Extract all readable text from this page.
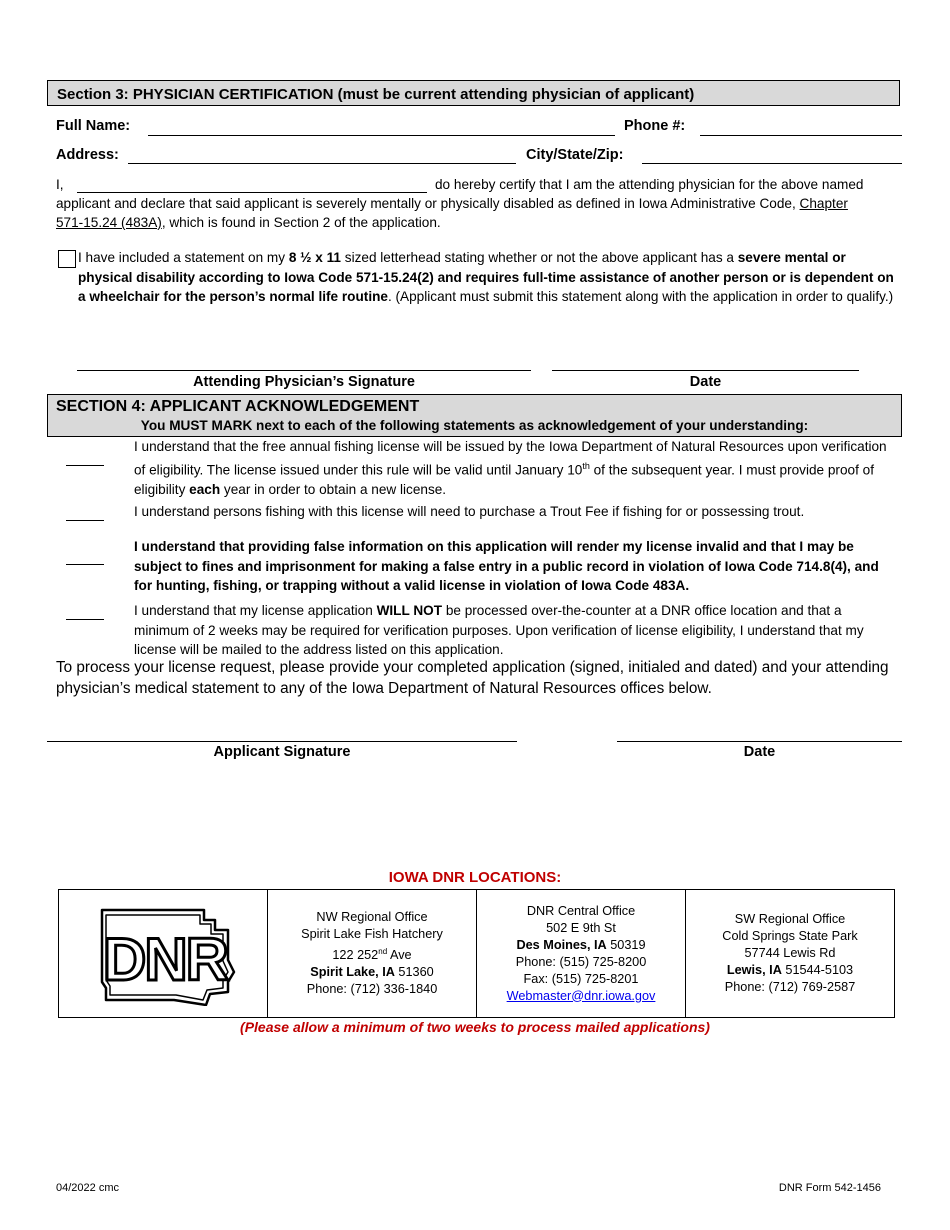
Section 3: PHYSICIAN CERTIFICATION (must be current attending physician of applicant)
Full Name:	Phone #:
Address:	City/State/Zip:
I,	do hereby certify that I am the attending physician for the above named
applicant and declare that said applicant is severely mentally or physically disabled as defined in Iowa Administrative Code, Chapter
571-15.24 (483A), which is found in Section 2 of the application.
I have included a statement on my 8 ½ x 11 sized letterhead stating whether or not the above applicant has a severe mental or physical disability according to Iowa Code 571-15.24(2) and requires full-time assistance of another person or is dependent on a wheelchair for the person’s normal life routine. (Applicant must submit this statement along with the application in order to qualify.)
Attending Physician’s Signature	Date
SECTION 4: APPLICANT ACKNOWLEDGEMENT
You MUST MARK next to each of the following statements as acknowledgement of your understanding:
I understand that the free annual fishing license will be issued by the Iowa Department of Natural Resources upon verification of eligibility. The license issued under this rule will be valid until January 10th of the subsequent year. I must provide proof of eligibility each year in order to obtain a new license.
I understand persons fishing with this license will need to purchase a Trout Fee if fishing for or possessing trout.
I understand that providing false information on this application will render my license invalid and that I may be subject to fines and imprisonment for making a false entry in a public record in violation of Iowa Code 714.8(4), and for hunting, fishing, or trapping without a valid license in violation of Iowa Code 483A.
I understand that my license application WILL NOT be processed over-the-counter at a DNR office location and that a minimum of 2 weeks may be required for verification purposes. Upon verification of license eligibility, I understand that my license will be mailed to the address listed on this application.
To process your license request, please provide your completed application (signed, initialed and dated) and your attending physician’s medical statement to any of the Iowa Department of Natural Resources offices below.
Applicant Signature	Date
IOWA DNR LOCATIONS:
DNR
NW Regional Office
Spirit Lake Fish Hatchery
122 252nd Ave
Spirit Lake, IA 51360
Phone: (712) 336-1840
DNR Central Office
502 E 9th St
Des Moines, IA 50319
Phone: (515) 725-8200
Fax: (515) 725-8201
Webmaster@dnr.iowa.gov
SW Regional Office
Cold Springs State Park
57744 Lewis Rd
Lewis, IA 51544-5103
Phone: (712) 769-2587
(Please allow a minimum of two weeks to process mailed applications)
04/2022 cmc	DNR Form 542-1456
